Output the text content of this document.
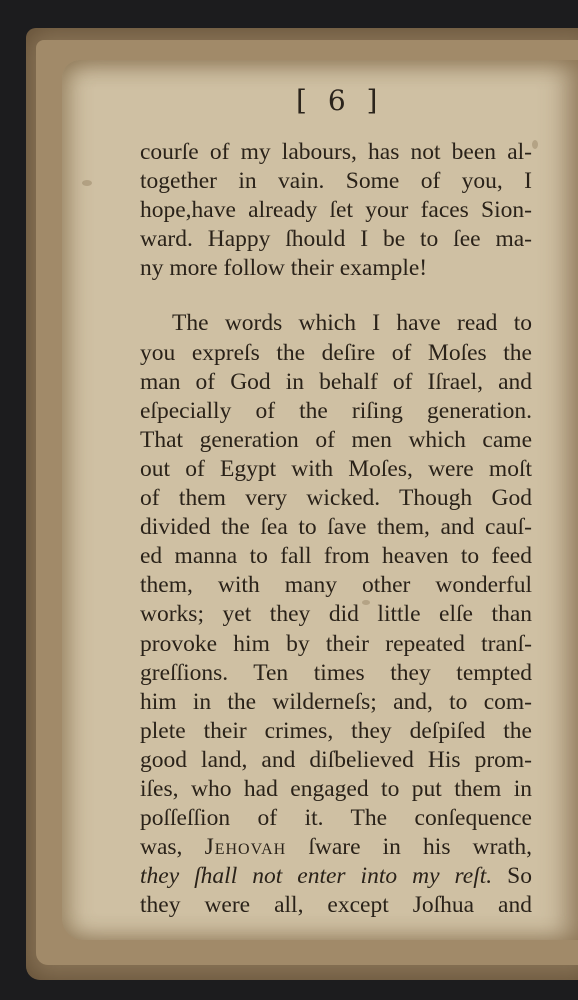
[ 6 ]
courſe of my labours, has not been al-
together in vain. Some of you, I
hope,have already ſet your faces Sion-
ward. Happy ſhould I be to ſee ma-
ny more follow their example!
The words which I have read to
you expreſs the deſire of Moſes the
man of God in behalf of Iſrael, and
eſpecially of the riſing generation.
That generation of men which came
out of Egypt with Moſes, were moſt
of them very wicked. Though God
divided the ſea to ſave them, and cauſ-
ed manna to fall from heaven to feed
them, with many other wonderful
works; yet they did little elſe than
provoke him by their repeated tranſ-
greſſions. Ten times they tempted
him in the wilderneſs; and, to com-
plete their crimes, they deſpiſed the
good land, and diſbelieved His prom-
iſes, who had engaged to put them in
poſſeſſion of it. The conſequence
was, Jehovah ſware in his wrath,
they ſhall not enter into my reſt. So
they were all, except Joſhua and
